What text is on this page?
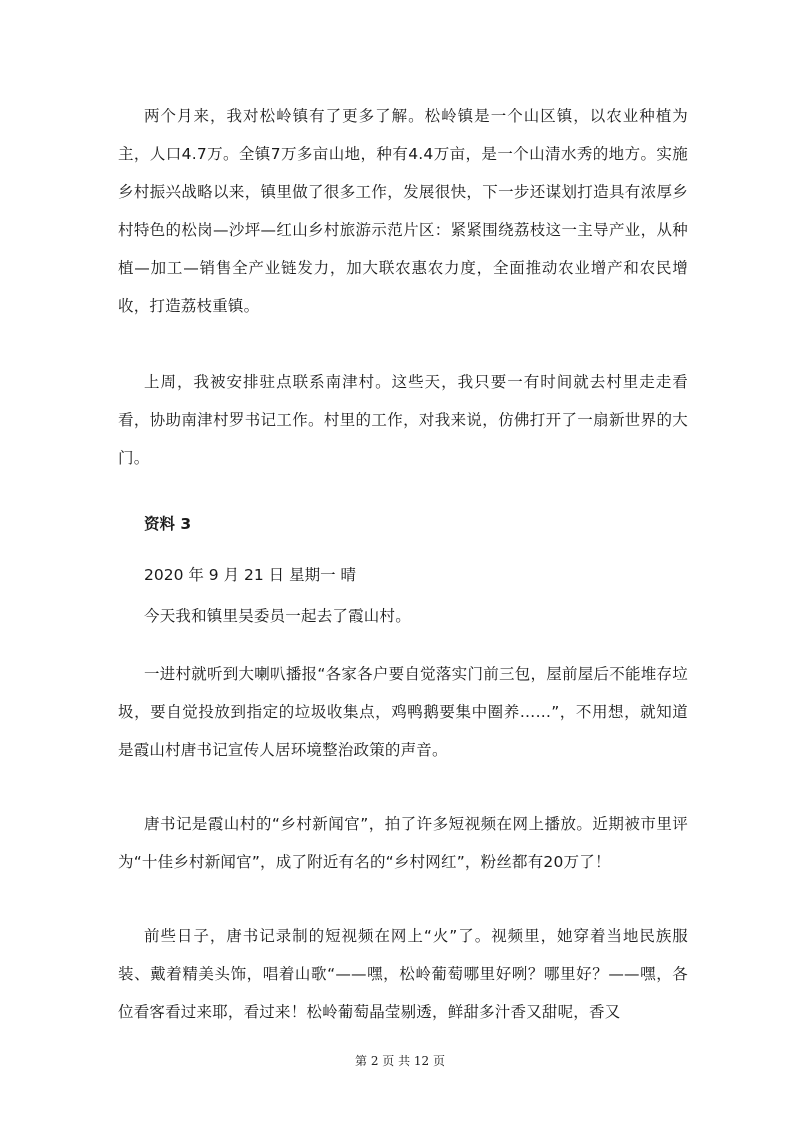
两个月来，我对松岭镇有了更多了解。松岭镇是一个山区镇，以农业种植为主，人口4.7万。全镇7万多亩山地，种有4.4万亩，是一个山清水秀的地方。实施乡村振兴战略以来，镇里做了很多工作，发展很快，下一步还谋划打造具有浓厚乡村特色的松岗—沙坪—红山乡村旅游示范片区：紧紧围绕荔枝这一主导产业，从种植—加工—销售全产业链发力，加大联农惠农力度，全面推动农业增产和农民增收，打造荔枝重镇。

上周，我被安排驻点联系南津村。这些天，我只要一有时间就去村里走走看看，协助南津村罗书记工作。村里的工作，对我来说，仿佛打开了一扇新世界的大门。

资料 3

2020 年 9 月 21 日 星期一 晴

今天我和镇里吴委员一起去了霞山村。

一进村就听到大喇叭播报“各家各户要自觉落实门前三包，屋前屋后不能堆存垃圾，要自觉投放到指定的垃圾收集点，鸡鸭鹅要集中圈养……”，不用想，就知道是霞山村唐书记宣传人居环境整治政策的声音。

唐书记是霞山村的“乡村新闻官”，拍了许多短视频在网上播放。近期被市里评为“十佳乡村新闻官”，成了附近有名的“乡村网红”，粉丝都有20万了！

前些日子，唐书记录制的短视频在网上“火”了。视频里，她穿着当地民族服装、戴着精美头饰，唱着山歌“——嘿，松岭葡萄哪里好咧？哪里好？——嘿，各位看客看过来耶，看过来！松岭葡萄晶莹剔透，鲜甜多汁香又甜呢，香又

第 2 页 共 12 页
